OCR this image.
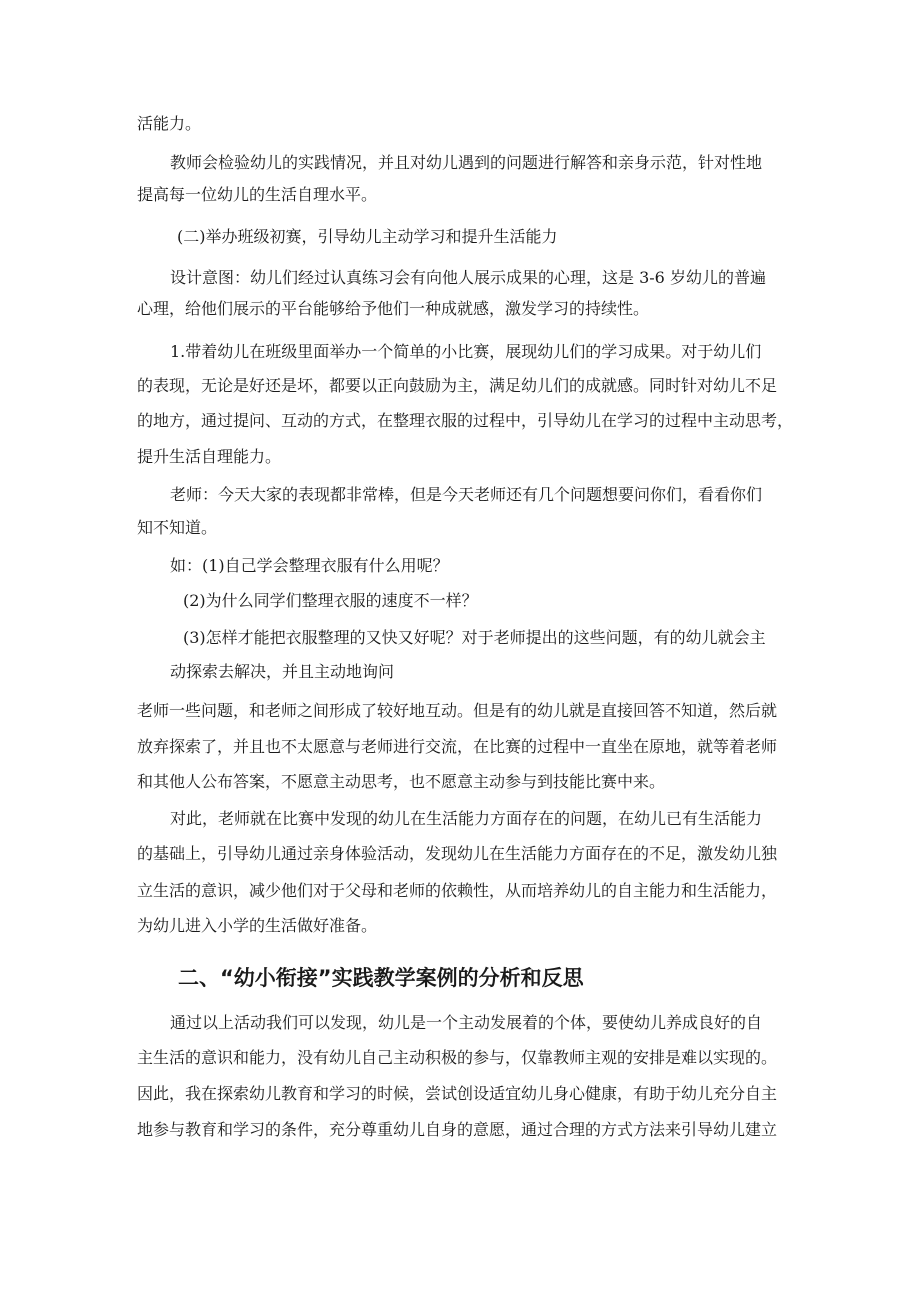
活能力。
教师会检验幼儿的实践情况，并且对幼儿遇到的问题进行解答和亲身示范，针对性地
提高每一位幼儿的生活自理水平。
(二)举办班级初赛，引导幼儿主动学习和提升生活能力
设计意图：幼儿们经过认真练习会有向他人展示成果的心理，这是 3-6 岁幼儿的普遍
心理，给他们展示的平台能够给予他们一种成就感，激发学习的持续性。
1.带着幼儿在班级里面举办一个简单的小比赛，展现幼儿们的学习成果。对于幼儿们
的表现，无论是好还是坏，都要以正向鼓励为主，满足幼儿们的成就感。同时针对幼儿不足
的地方，通过提问、互动的方式，在整理衣服的过程中，引导幼儿在学习的过程中主动思考，
提升生活自理能力。
老师：今天大家的表现都非常棒，但是今天老师还有几个问题想要问你们，看看你们
知不知道。
如：(1)自己学会整理衣服有什么用呢？
(2)为什么同学们整理衣服的速度不一样？
(3)怎样才能把衣服整理的又快又好呢？对于老师提出的这些问题，有的幼儿就会主
动探索去解决，并且主动地询问
老师一些问题，和老师之间形成了较好地互动。但是有的幼儿就是直接回答不知道，然后就
放弃探索了，并且也不太愿意与老师进行交流，在比赛的过程中一直坐在原地，就等着老师
和其他人公布答案，不愿意主动思考，也不愿意主动参与到技能比赛中来。
对此，老师就在比赛中发现的幼儿在生活能力方面存在的问题，在幼儿已有生活能力
的基础上，引导幼儿通过亲身体验活动，发现幼儿在生活能力方面存在的不足，激发幼儿独
立生活的意识，减少他们对于父母和老师的依赖性，从而培养幼儿的自主能力和生活能力，
为幼儿进入小学的生活做好准备。
二、“幼小衔接”实践教学案例的分析和反思
通过以上活动我们可以发现，幼儿是一个主动发展着的个体，要使幼儿养成良好的自
主生活的意识和能力，没有幼儿自己主动积极的参与，仅靠教师主观的安排是难以实现的。
因此，我在探索幼儿教育和学习的时候，尝试创设适宜幼儿身心健康，有助于幼儿充分自主
地参与教育和学习的条件，充分尊重幼儿自身的意愿，通过合理的方式方法来引导幼儿建立
